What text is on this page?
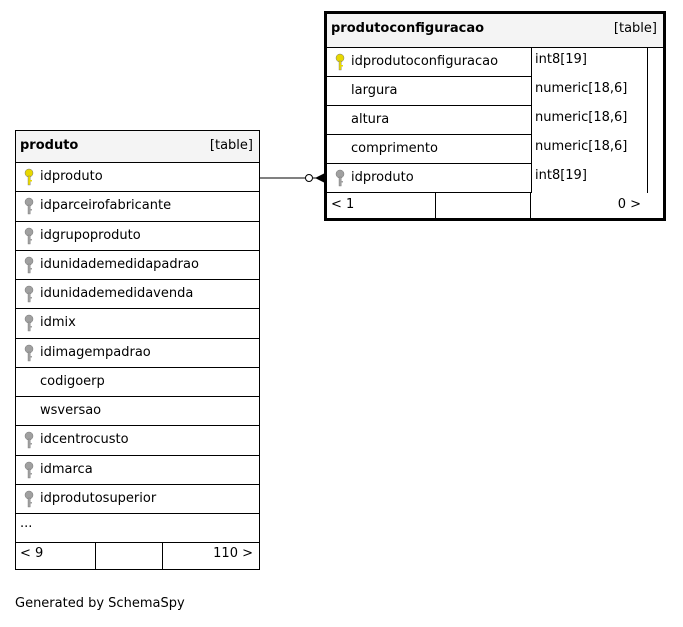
produto	[table]
idproduto
idparceirofabricante
idgrupoproduto
idunidademedidapadrao
idunidademedidavenda
idmix
idimagempadrao
codigoerp
wsversao
idcentrocusto
idmarca
idprodutosuperior
...
< 9	110 >
produtoconfiguracao	[table]
idprodutoconfiguracao	int8[19]
largura	numeric[18,6]
altura	numeric[18,6]
comprimento	numeric[18,6]
idproduto	int8[19]
< 1	0 >
Generated by SchemaSpy
